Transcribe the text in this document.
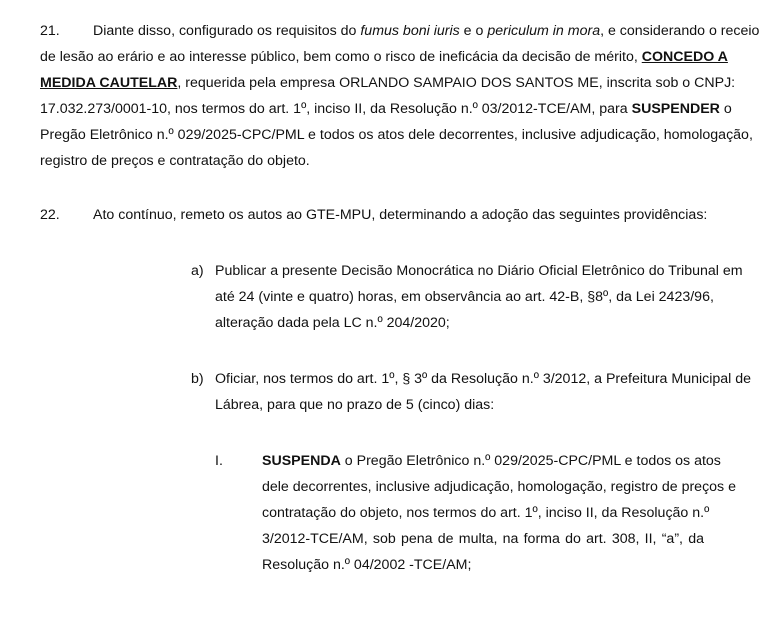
21. Diante disso, configurado os requisitos do fumus boni iuris e o periculum in mora, e considerando o receio
de lesão ao erário e ao interesse público, bem como o risco de ineficácia da decisão de mérito, CONCEDO A
MEDIDA CAUTELAR, requerida pela empresa ORLANDO SAMPAIO DOS SANTOS ME, inscrita sob o CNPJ:
17.032.273/0001-10, nos termos do art. 1º, inciso II, da Resolução n.º 03/2012-TCE/AM, para SUSPENDER o
Pregão Eletrônico n.º 029/2025-CPC/PML e todos os atos dele decorrentes, inclusive adjudicação, homologação,
registro de preços e contratação do objeto.
22. Ato contínuo, remeto os autos ao GTE-MPU, determinando a adoção das seguintes providências:
a) Publicar a presente Decisão Monocrática no Diário Oficial Eletrônico do Tribunal em
até 24 (vinte e quatro) horas, em observância ao art. 42-B, §8º, da Lei 2423/96,
alteração dada pela LC n.º 204/2020;
b) Oficiar, nos termos do art. 1º, § 3º da Resolução n.º 3/2012, a Prefeitura Municipal de
Lábrea, para que no prazo de 5 (cinco) dias:
I.	SUSPENDA o Pregão Eletrônico n.º 029/2025-CPC/PML e todos os atos
dele decorrentes, inclusive adjudicação, homologação, registro de preços e
contratação do objeto, nos termos do art. 1º, inciso II, da Resolução n.º
3/2012-TCE/AM, sob pena de multa, na forma do art. 308, II, “a”, da
Resolução n.º 04/2002 -TCE/AM;
